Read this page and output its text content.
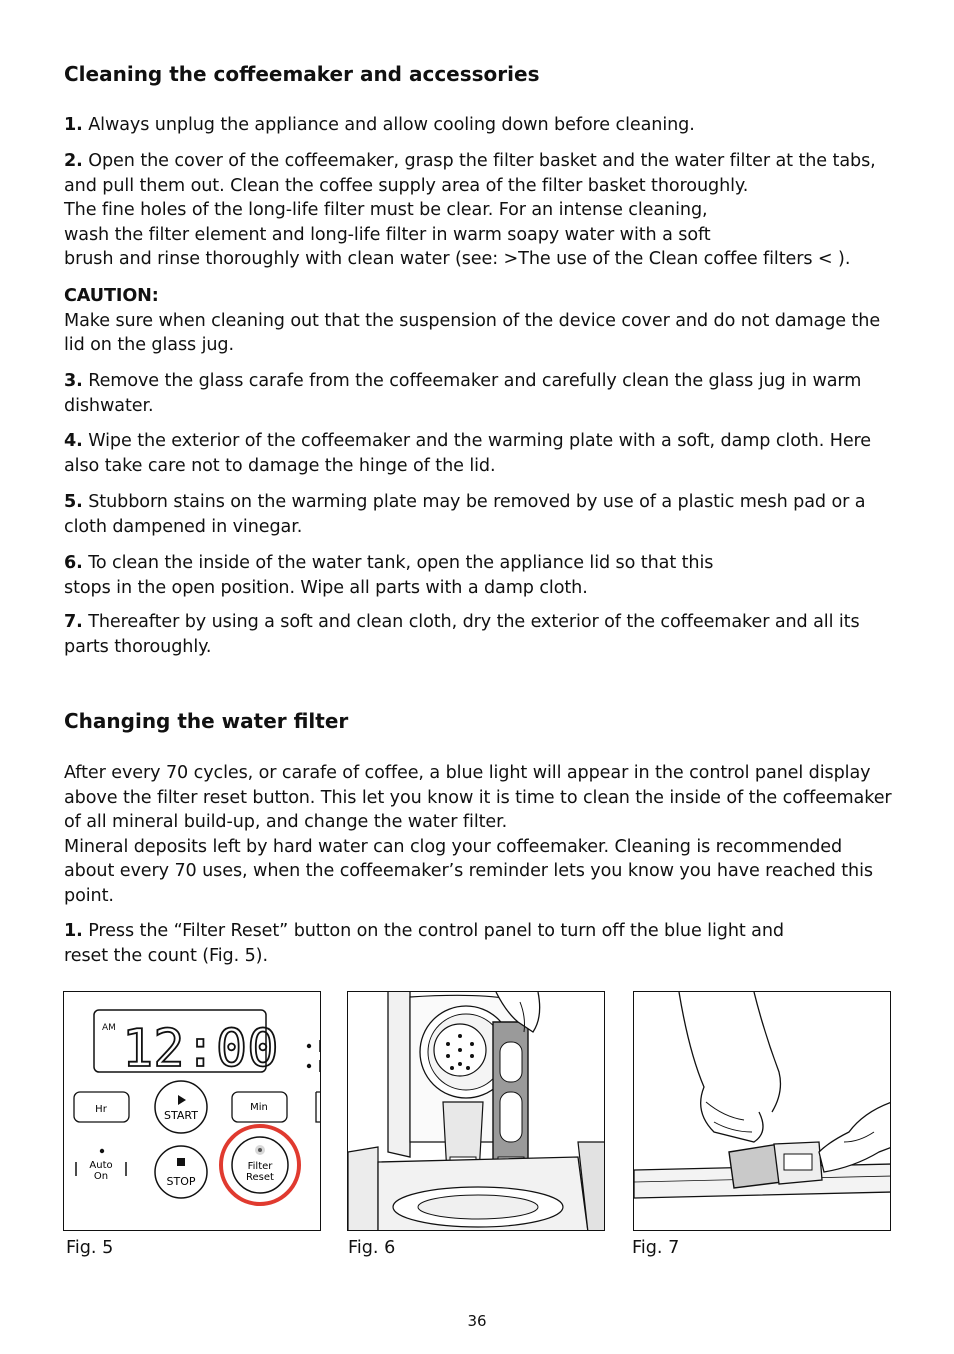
Cleaning the coffeemaker and accessories

1. Always unplug the appliance and allow cooling down before cleaning.

2. Open the cover of the coffeemaker, grasp the filter basket and the water filter at the tabs, and pull them out. Clean the coffee supply area of the filter basket thoroughly.
The fine holes of the long-life filter must be clear. For an intense cleaning,
wash the filter element and long-life filter in warm soapy water with a soft
brush and rinse thoroughly with clean water (see: >The use of the Clean coffee filters < ).

CAUTION:
Make sure when cleaning out that the suspension of the device cover and do not damage the lid on the glass jug.

3. Remove the glass carafe from the coffeemaker and carefully clean the glass jug in warm dishwater.

4. Wipe the exterior of the coffeemaker and the warming plate with a soft, damp cloth. Here also take care not to damage the hinge of the lid.

5. Stubborn stains on the warming plate may be removed by use of a plastic mesh pad or a cloth dampened in vinegar.

6. To clean the inside of the water tank, open the appliance lid so that this
stops in the open position. Wipe all parts with a damp cloth.

7. Thereafter by using a soft and clean cloth, dry the exterior of the coffeemaker and all its parts thoroughly.

Changing the water filter

After every 70 cycles, or carafe of coffee, a blue light will appear in the control panel display above the filter reset button. This let you know it is time to clean the inside of the coffeemaker of all mineral build-up, and change the water filter.
Mineral deposits left by hard water can clog your coffeemaker. Cleaning is recommended about every 70 uses, when the coffeemaker’s reminder lets you know you have reached this point.

1. Press the “Filter Reset” button on the control panel to turn off the blue light and
reset the count (Fig. 5).

AM 12:00
Hr	START
Min
Auto
On	STOP
Filter
Reset
Fig. 5	Fig. 6	Fig. 7
36
